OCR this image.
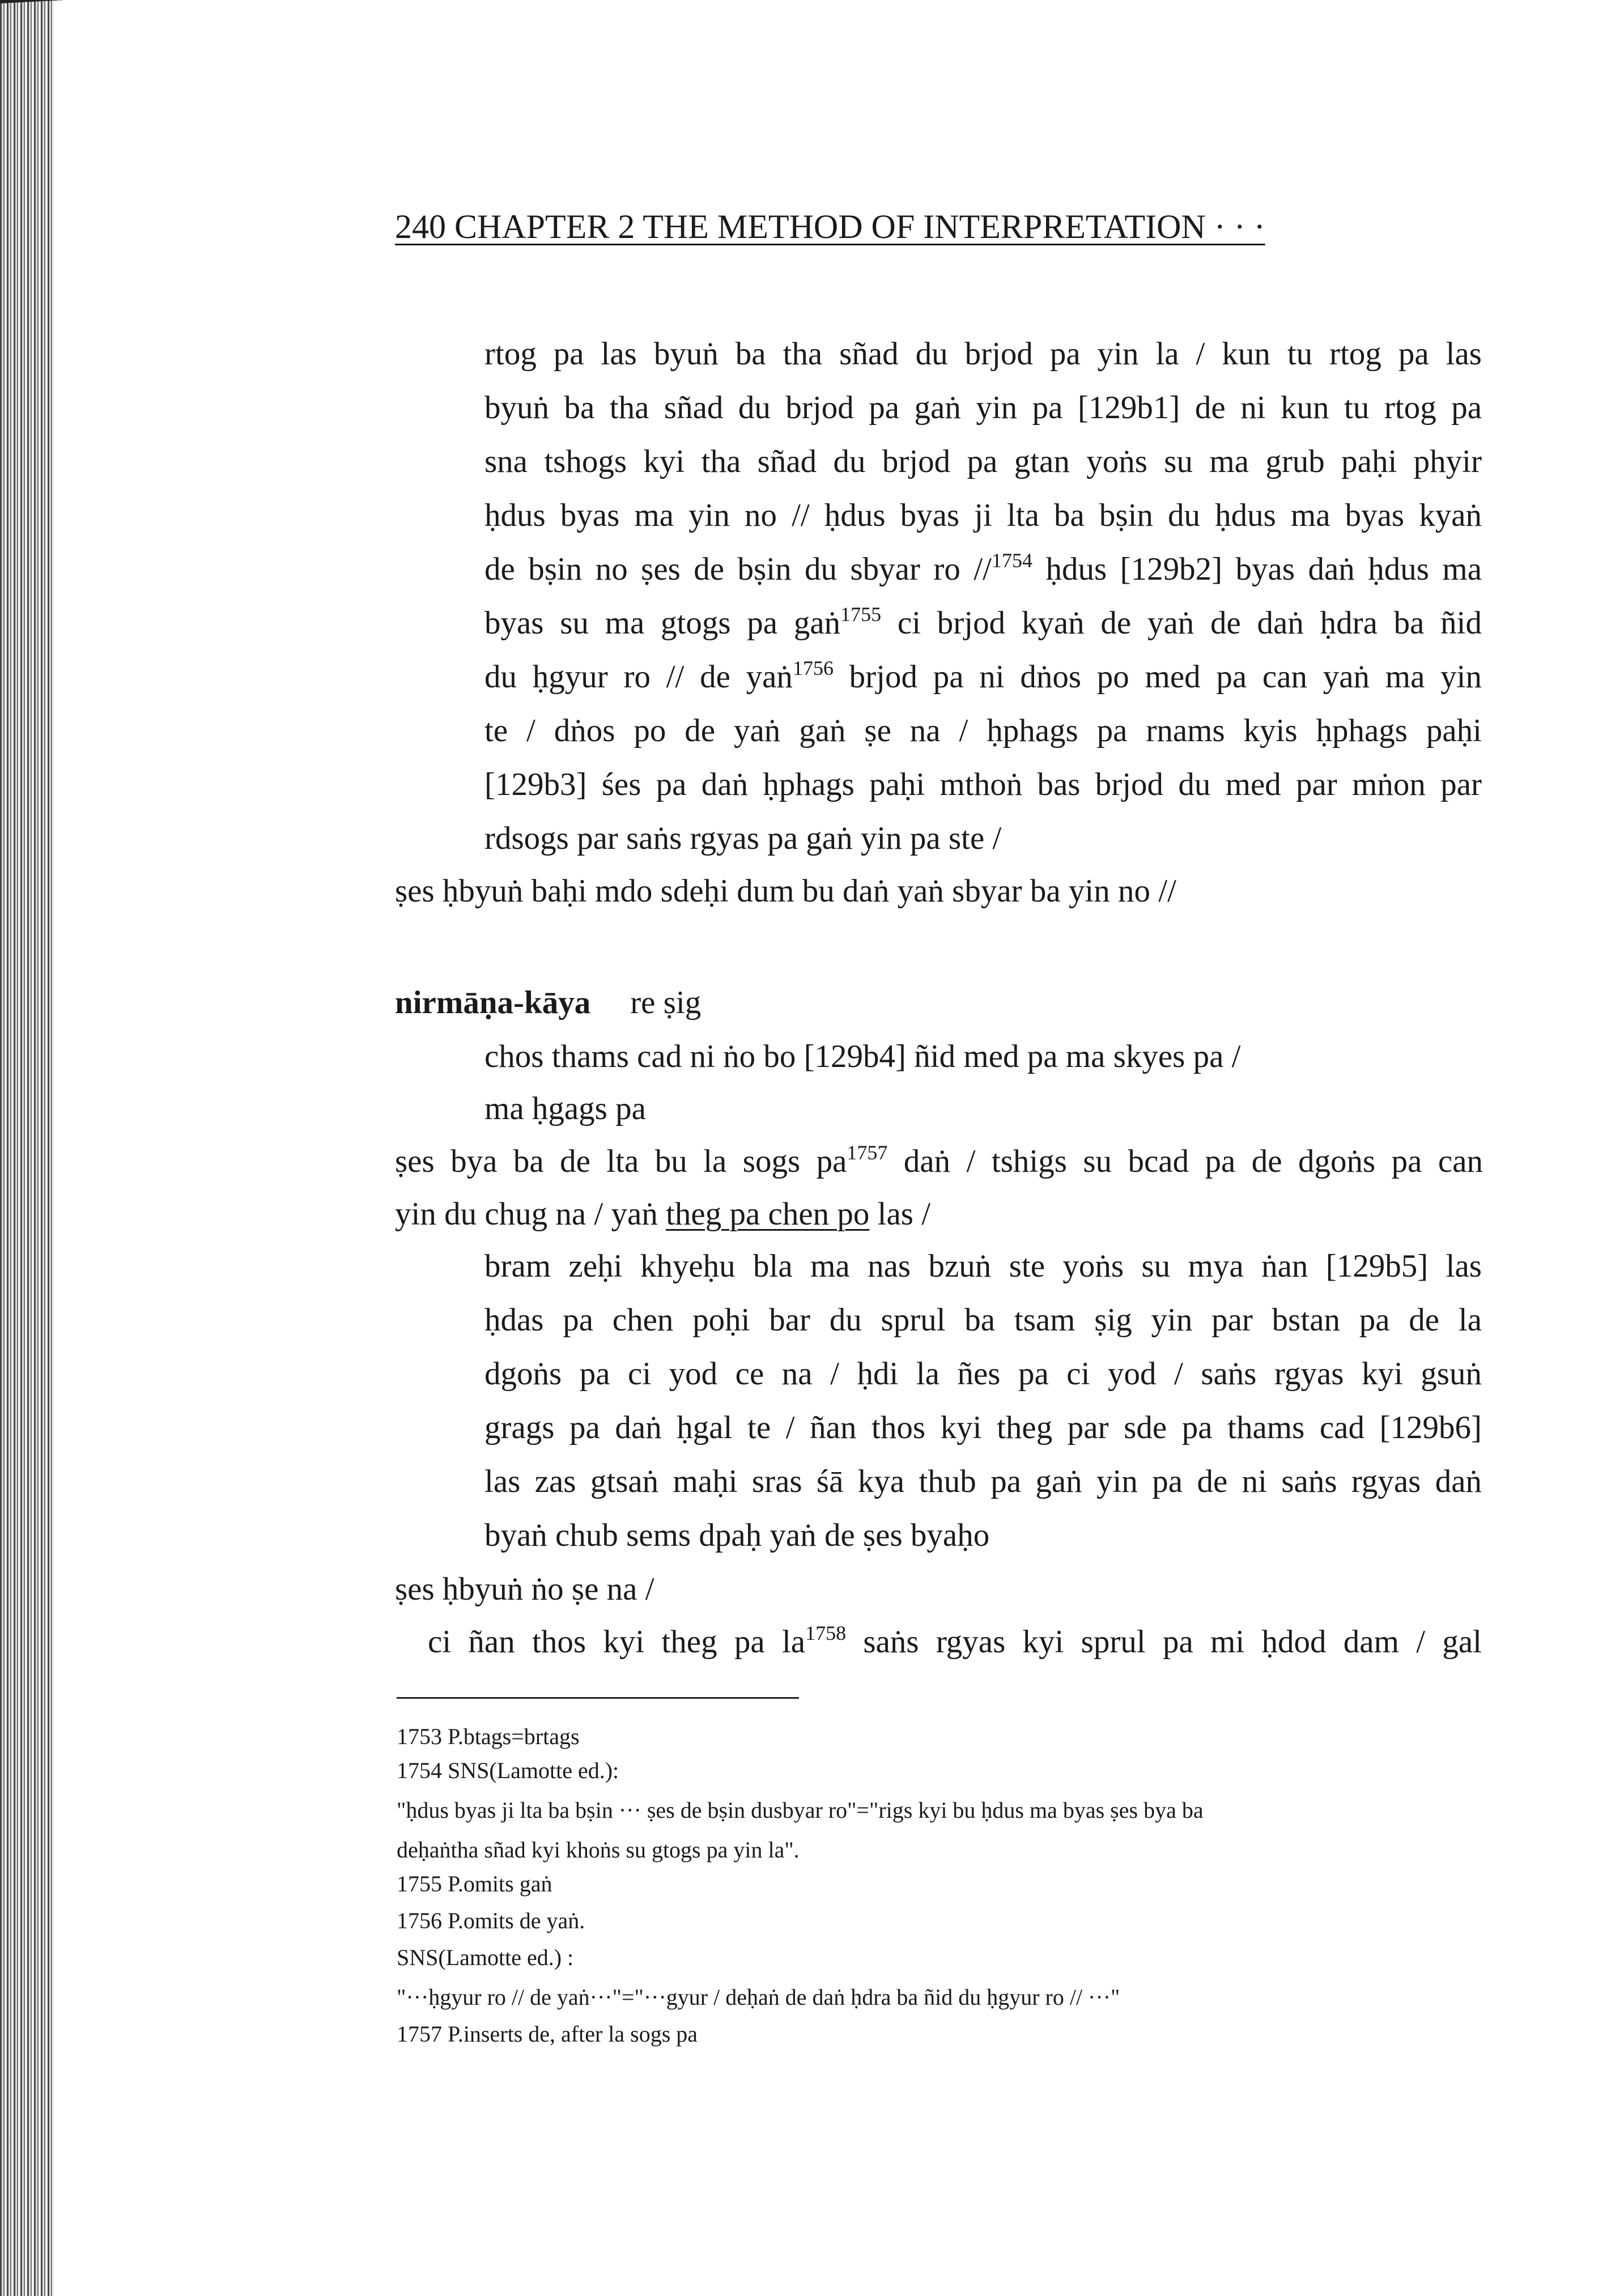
240 CHAPTER 2 THE METHOD OF INTERPRETATION · · ·
rtog pa las byuṅ ba tha sñad du brjod pa yin la / kun tu rtog pa las
byuṅ ba tha sñad du brjod pa gaṅ yin pa [129b1] de ni kun tu rtog pa
sna tshogs kyi tha sñad du brjod pa gtan yoṅs su ma grub paḥi phyir
ḥdus byas ma yin no // ḥdus byas ji lta ba bṣin du ḥdus ma byas kyaṅ
de bṣin no ṣes de bṣin du sbyar ro //$^{1754}$ ḥdus [129b2] byas daṅ ḥdus ma
byas su ma gtogs pa gaṅ$^{1755}$ ci brjod kyaṅ de yaṅ de daṅ ḥdra ba ñid
du ḥgyur ro // de yaṅ$^{1756}$ brjod pa ni dṅos po med pa can yaṅ ma yin
te / dṅos po de yaṅ gaṅ ṣe na / ḥphags pa rnams kyis ḥphags paḥi
[129b3] śes pa daṅ ḥphags paḥi mthoṅ bas brjod du med par mṅon par
rdsogs par saṅs rgyas pa gaṅ yin pa ste /
ṣes ḥbyuṅ baḥi mdo sdeḥi dum bu daṅ yaṅ sbyar ba yin no //
nirmāṇa-kāya re ṣig
chos thams cad ni ṅo bo [129b4] ñid med pa ma skyes pa /
ma ḥgags pa
ṣes bya ba de lta bu la sogs $pa^{1757}$ daṅ / tshigs su bcad pa de dgoṅs pa can
yin du chug na / yaṅ theg pa chen po las /
bram zeḥi khyeḥu bla ma nas bzuṅ ste yoṅs su mya ṅan [129b5] las
ḥdas pa chen poḥi bar du sprul ba tsam ṣig yin par bstan pa de la
dgoṅs pa ci yod ce na / ḥdi la ñes pa ci yod / saṅs rgyas kyi gsuṅ
grags pa daṅ ḥgal te / ñan thos kyi theg par sde pa thams cad [129b6]
las zas gtsaṅ maḥi sras śā kya thub pa gaṅ yin pa de ni saṅs rgyas daṅ
byaṅ chub sems dpaḥ yaṅ de ṣes byaḥo
ṣes ḥbyuṅ ṅo ṣe na /
ci ñan thos kyi theg pa $la^{1758}$ saṅs rgyas kyi sprul pa mi ḥdod dam / gal
1753 P.btags=brtags
1754 SNS(Lamotte ed.):
"ḥdus byas ji lta ba bṣin ··· ṣes de bṣin dusbyar ro"="rigs kyi bu ḥdus ma byas ṣes bya ba
deḥaṅtha sñad kyi khoṅs su gtogs pa yin la".
1755 P.omits gaṅ
1756 P.omits de yaṅ.
SNS(Lamotte ed.) :
"···ḥgyur ro // de yaṅ···"="···gyur / deḥaṅ de daṅ ḥdra ba ñid du ḥgyur ro // ···"
1757 P.inserts de, after la sogs pa
